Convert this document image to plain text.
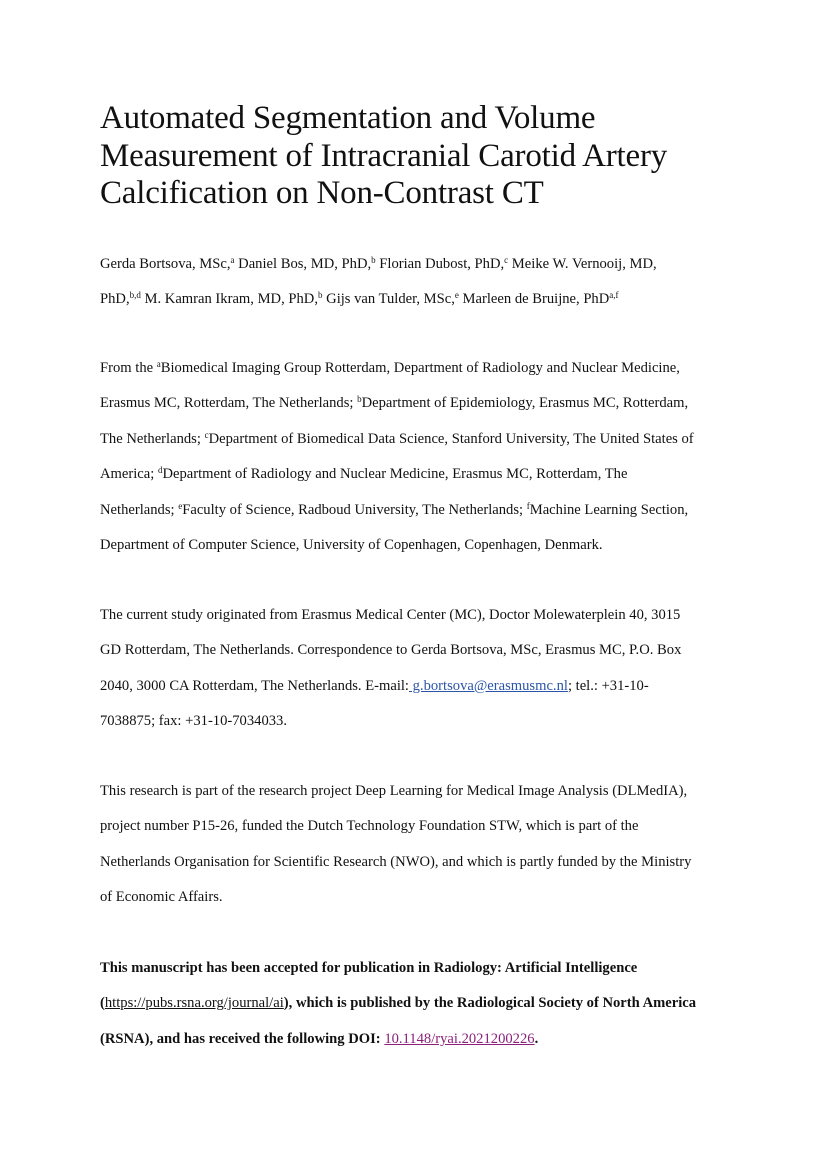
Automated Segmentation and Volume
Measurement of Intracranial Carotid Artery
Calcification on Non-Contrast CT
Gerda Bortsova, MSc,$^a$ Daniel Bos, MD, PhD,$^b$ Florian Dubost, PhD,$^c$ Meike W. Vernooij, MD,
PhD,$^{b,d}$ M. Kamran Ikram, MD, PhD,$^b$ Gijs van Tulder, MSc,$^e$ Marleen de Bruijne, PhD$^{a,f}$
From the $^a$Biomedical Imaging Group Rotterdam, Department of Radiology and Nuclear Medicine,
Erasmus MC, Rotterdam, The Netherlands; $^b$Department of Epidemiology, Erasmus MC, Rotterdam,
The Netherlands; $^c$Department of Biomedical Data Science, Stanford University, The United States of
America; $^d$Department of Radiology and Nuclear Medicine, Erasmus MC, Rotterdam, The
Netherlands; $^e$Faculty of Science, Radboud University, The Netherlands; $^f$Machine Learning Section,
Department of Computer Science, University of Copenhagen, Copenhagen, Denmark.
The current study originated from Erasmus Medical Center (MC), Doctor Molewaterplein 40, 3015
GD Rotterdam, The Netherlands. Correspondence to Gerda Bortsova, MSc, Erasmus MC, P.O. Box
2040, 3000 CA Rotterdam, The Netherlands. E-mail: g.bortsova@erasmusmc.nl; tel.: +31-10-
7038875; fax: +31-10-7034033.
This research is part of the research project Deep Learning for Medical Image Analysis (DLMedIA),
project number P15-26, funded the Dutch Technology Foundation STW, which is part of the
Netherlands Organisation for Scientific Research (NWO), and which is partly funded by the Ministry
of Economic Affairs.
This manuscript has been accepted for publication in Radiology: Artificial Intelligence
(https://pubs.rsna.org/journal/ai), which is published by the Radiological Society of North America
(RSNA), and has received the following DOI: 10.1148/ryai.2021200226.
